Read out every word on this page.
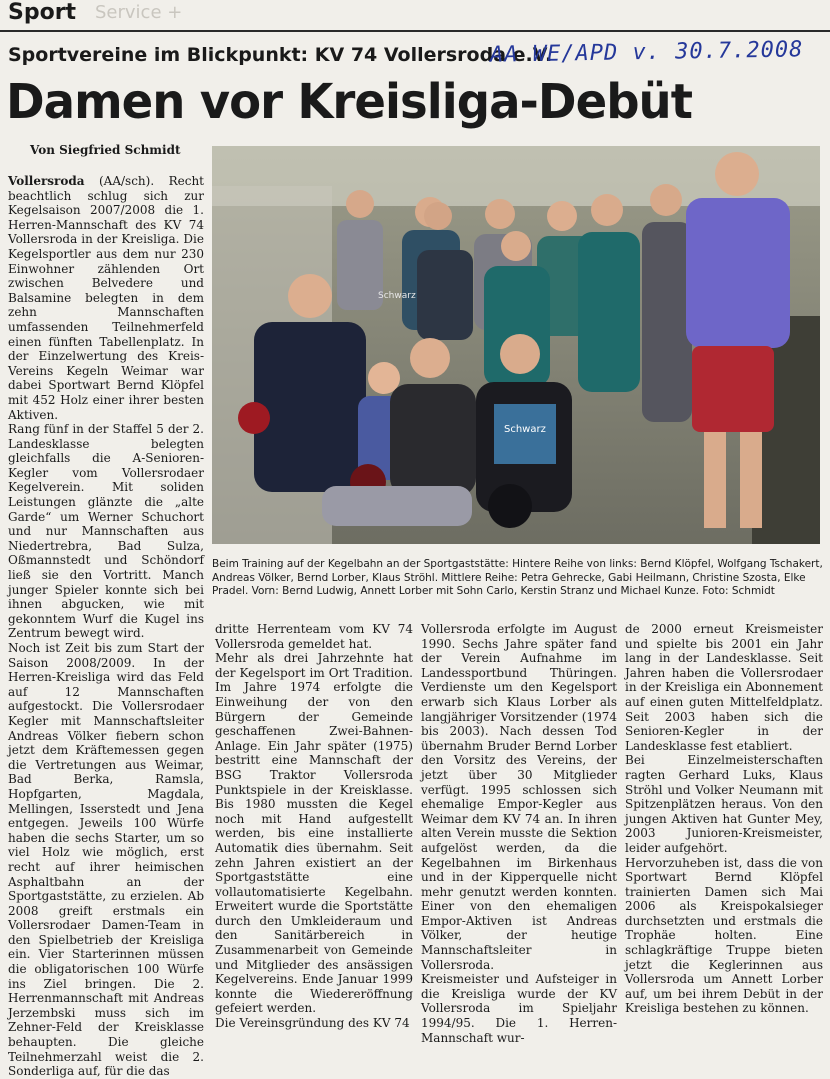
Sport Service +
Sportvereine im Blickpunkt: KV 74 Vollersroda e.V.
AA WE/APD v. 30.7.2008
Damen vor Kreisliga-Debüt
Von Siegfried Schmidt

Vollersroda (AA/sch). Recht beachtlich schlug sich zur Kegelsaison 2007/2008 die 1. Herren-Mannschaft des KV 74 Vollersroda in der Kreisliga. Die Kegelsportler aus dem nur 230 Einwohner zählenden Ort zwischen Belvedere und Balsamine belegten in dem zehn Mannschaften umfassenden Teilnehmerfeld einen fünften Tabellenplatz. In der Einzelwertung des Kreis-Vereins Kegeln Weimar war dabei Sportwart Bernd Klöpfel mit 452 Holz einer ihrer besten Aktiven.

Rang fünf in der Staffel 5 der 2. Landesklasse belegten gleichfalls die A-Senioren-Kegler vom Vollersrodaer Kegelverein. Mit soliden Leistungen glänzte die „alte Garde“ um Werner Schuchort und nur Mannschaften aus Niedertrebra, Bad Sulza, Oßmannstedt und Schöndorf ließ sie den Vortritt. Manch junger Spieler konnte sich bei ihnen abgucken, wie mit gekonntem Wurf die Kugel ins Zentrum bewegt wird.

Noch ist Zeit bis zum Start der Saison 2008/2009. In der Herren-Kreisliga wird das Feld auf 12 Mannschaften aufgestockt. Die Vollersrodaer Kegler mit Mannschaftsleiter Andreas Völker fiebern schon jetzt dem Kräftemessen gegen die Vertretungen aus Weimar, Bad Berka, Ramsla, Hopfgarten, Magdala, Mellingen, Isserstedt und Jena entgegen. Jeweils 100 Würfe haben die sechs Starter, um so viel Holz wie möglich, erst recht auf ihrer heimischen Asphaltbahn an der Sportgaststätte, zu erzielen. Ab 2008 greift erstmals ein Vollersrodaer Damen-Team in den Spielbetrieb der Kreisliga ein. Vier Starterinnen müssen die obligatorischen 100 Würfe ins Ziel bringen. Die 2. Herrenmannschaft mit Andreas Jerzembski muss sich im Zehner-Feld der Kreisklasse behaupten. Die gleiche Teilnehmerzahl weist die 2. Sonderliga auf, für die das

Schwarz
Schwarz
Beim Training auf der Kegelbahn an der Sportgaststätte: Hintere Reihe von links: Bernd Klöpfel, Wolfgang Tschakert, Andreas Völker, Bernd Lorber, Klaus Ströhl. Mittlere Reihe: Petra Gehrecke, Gabi Heilmann, Christine Szosta, Elke Pradel. Vorn: Bernd Ludwig, Annett Lorber mit Sohn Carlo, Kerstin Stranz und Michael Kunze. Foto: Schmidt

dritte Herrenteam vom KV 74 Vollersroda gemeldet hat.

Mehr als drei Jahrzehnte hat der Kegelsport im Ort Tradition. Im Jahre 1974 erfolgte die Einweihung der von den Bürgern der Gemeinde geschaffenen Zwei-Bahnen-Anlage. Ein Jahr später (1975) bestritt eine Mannschaft der BSG Traktor Vollersroda Punktspiele in der Kreisklasse. Bis 1980 mussten die Kegel noch mit Hand aufgestellt werden, bis eine installierte Automatik dies übernahm. Seit zehn Jahren existiert an der Sportgaststätte eine vollautomatisierte Kegelbahn. Erweitert wurde die Sportstätte durch den Umkleideraum und den Sanitärbereich in Zusammenarbeit von Gemeinde und Mitglieder des ansässigen Kegelvereins. Ende Januar 1999 konnte die Wiedereröffnung gefeiert werden.

Die Vereinsgründung des KV 74

Vollersroda erfolgte im August 1990. Sechs Jahre später fand der Verein Aufnahme im Landessportbund Thüringen. Verdienste um den Kegelsport erwarb sich Klaus Lorber als langjähriger Vorsitzender (1974 bis 2003). Nach dessen Tod übernahm Bruder Bernd Lorber den Vorsitz des Vereins, der jetzt über 30 Mitglieder verfügt. 1995 schlossen sich ehemalige Empor-Kegler aus Weimar dem KV 74 an. In ihren alten Verein musste die Sektion aufgelöst werden, da die Kegelbahnen im Birkenhaus und in der Kipperquelle nicht mehr genutzt werden konnten. Einer von den ehemaligen Empor-Aktiven ist Andreas Völker, der heutige Mannschaftsleiter in Vollersroda.

Kreismeister und Aufsteiger in die Kreisliga wurde der KV Vollersroda im Spieljahr 1994/95. Die 1. Herren-Mannschaft wur-

de 2000 erneut Kreismeister und spielte bis 2001 ein Jahr lang in der Landesklasse. Seit Jahren haben die Vollersrodaer in der Kreisliga ein Abonnement auf einen guten Mittelfeldplatz. Seit 2003 haben sich die Senioren-Kegler in der Landesklasse fest etabliert.

Bei Einzelmeisterschaften ragten Gerhard Luks, Klaus Ströhl und Volker Neumann mit Spitzenplätzen heraus. Von den jungen Aktiven hat Gunter Mey, 2003 Junioren-Kreismeister, leider aufgehört.

Hervorzuheben ist, dass die von Sportwart Bernd Klöpfel trainierten Damen sich Mai 2006 als Kreispokalsieger durchsetzten und erstmals die Trophäe holten. Eine schlagkräftige Truppe bieten jetzt die Keglerinnen aus Vollersroda um Annett Lorber auf, um bei ihrem Debüt in der Kreisliga bestehen zu können.
